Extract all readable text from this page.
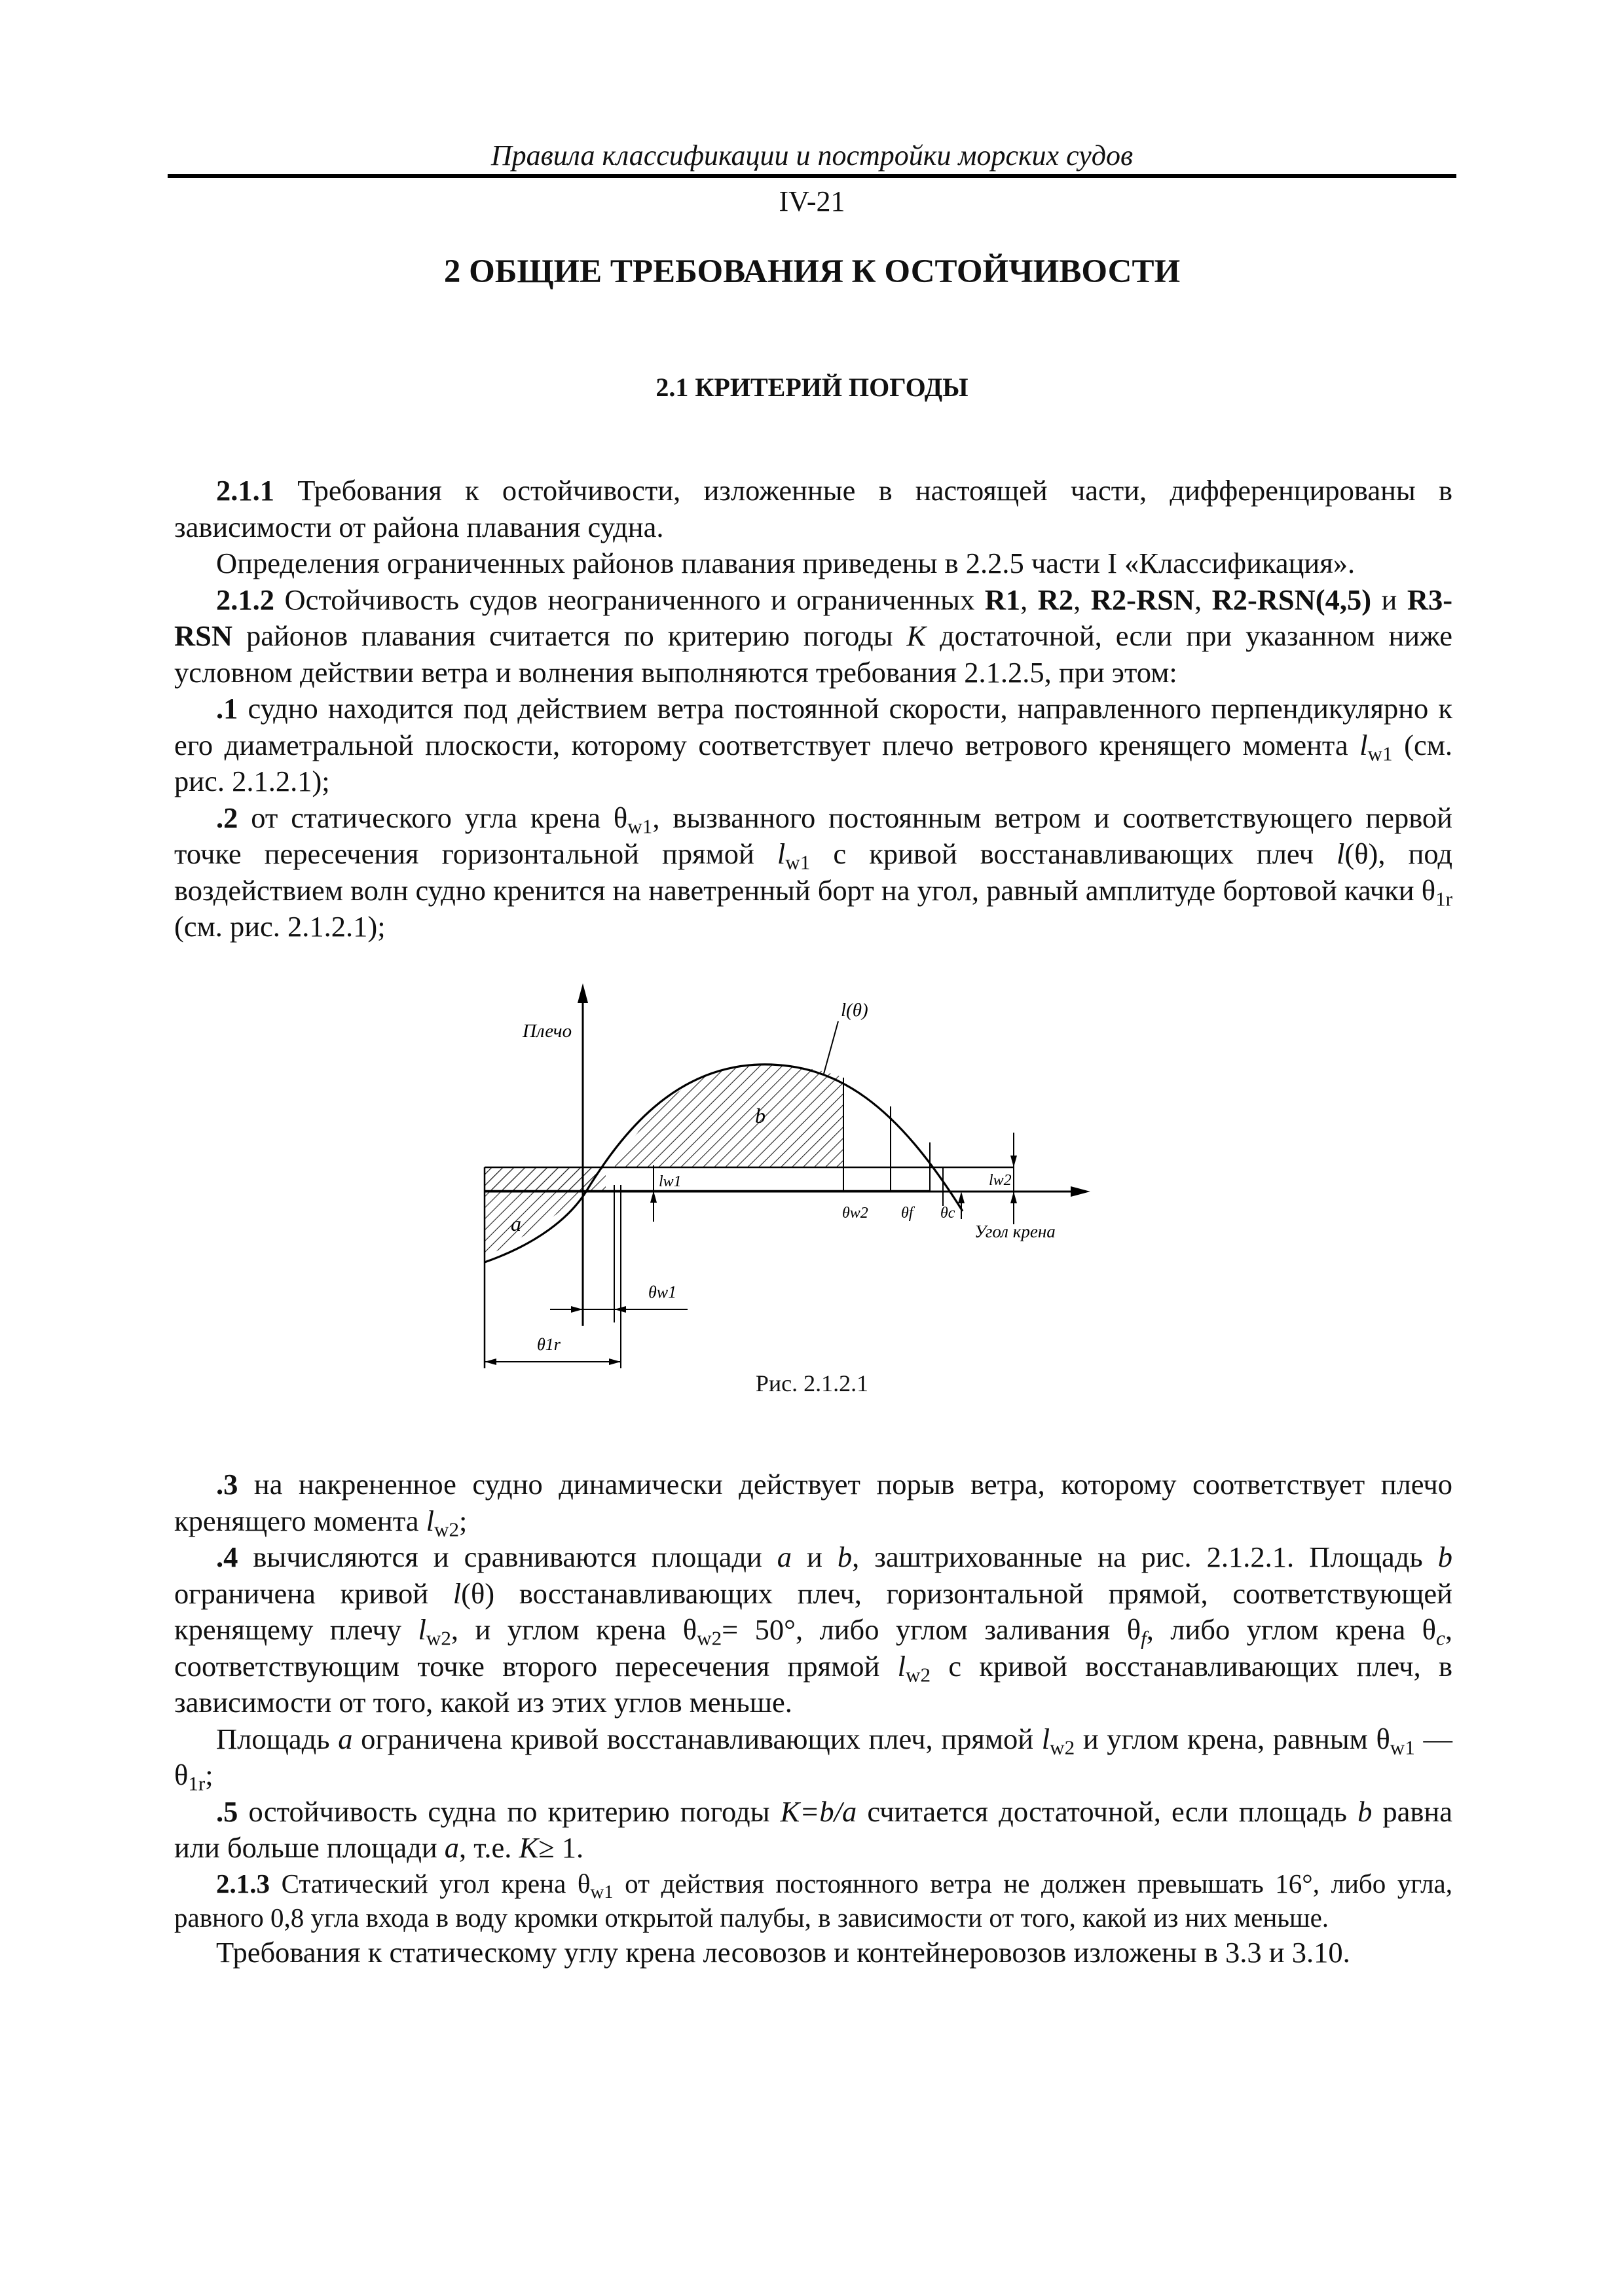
Правила классификации и постройки морских судов
IV-21
2 ОБЩИЕ ТРЕБОВАНИЯ К ОСТОЙЧИВОСТИ
2.1 КРИТЕРИЙ ПОГОДЫ

2.1.1 Требования к остойчивости, изложенные в настоящей части, дифференцированы в зависимости от района плавания судна.

Определения ограниченных районов плавания приведены в 2.2.5 части I «Классификация».

2.1.2 Остойчивость судов неограниченного и ограниченных R1, R2, R2-RSN, R2-RSN(4,5) и R3-RSN районов плавания считается по критерию погоды K достаточной, если при указанном ниже условном действии ветра и волнения выполняются требования 2.1.2.5, при этом:

.1 судно находится под действием ветра постоянной скорости, направленного перпендикулярно к его диаметральной плоскости, которому соответствует плечо ветрового кренящего момента $l_{w1}$ (см. рис. 2.1.2.1);

.2 от статического угла крена $\theta_{w1}$, вызванного постоянным ветром и соответствующего первой точке пересечения горизонтальной прямой $l_{w1}$ с кривой восстанавливающих плеч l(θ), под воздействием волн судно кренится на наветренный борт на угол, равный амплитуде бортовой качки $\theta_{1r}$ (см. рис. 2.1.2.1);

Плечо
l(θ)
b
a
lw1	lw2
θw2 θf θc
Угол крена
θw1
θ1r
Рис. 2.1.2.1

.3 на накрененное судно динамически действует порыв ветра, которому соответствует плечо кренящего момента $l_{w2}$;

.4 вычисляются и сравниваются площади a и b, заштрихованные на рис. 2.1.2.1. Площадь b ограничена кривой l(θ) восстанавливающих плеч, горизонтальной прямой, соответствующей кренящему плечу $l_{w2}$, и углом крена $\theta_{w2}= 50^\circ$, либо углом заливания $\theta_f$, либо углом крена $\theta_c$, соответствующим точке второго пересечения прямой $l_{w2}$ с кривой восстанавливающих плеч, в зависимости от того, какой из этих углов меньше.

Площадь a ограничена кривой восстанавливающих плеч, прямой $l_{w2}$ и углом крена, равным $\theta_{w1}$ — $\theta_{1r}$;

.5 остойчивость судна по критерию погоды K=b/a считается достаточной, если площадь b равна или больше площади a, т.е. K≥ 1.

2.1.3 Статический угол крена $\theta_{w1}$ от действия постоянного ветра не должен превышать 16°, либо угла, равного 0,8 угла входа в воду кромки открытой палубы, в зависимости от того, какой из них меньше.

Требования к статическому углу крена лесовозов и контейнеровозов изложены в 3.3 и 3.10.
